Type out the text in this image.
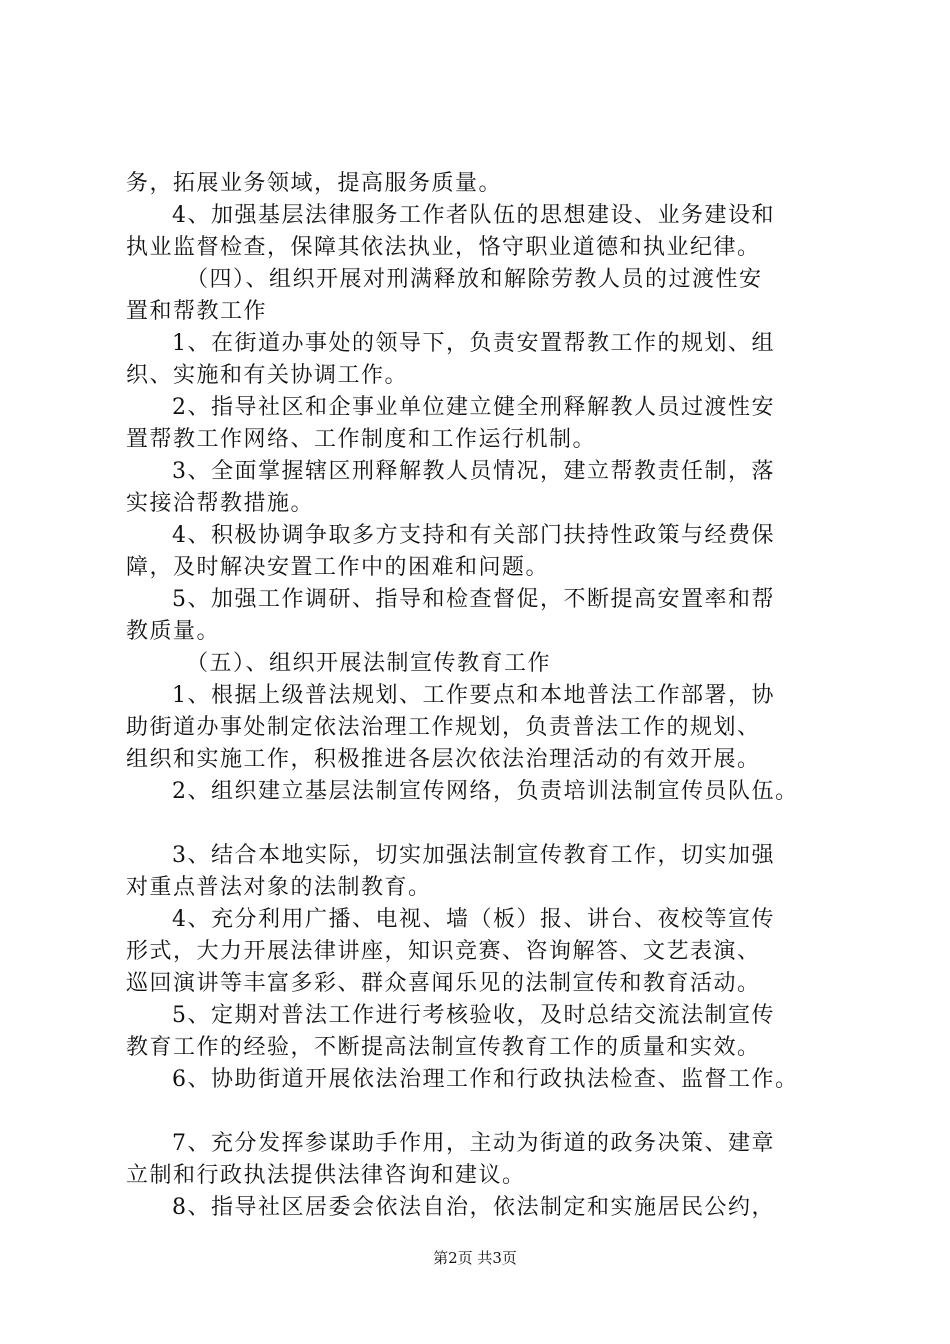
务，拓展业务领域，提高服务质量。
4、加强基层法律服务工作者队伍的思想建设、业务建设和
执业监督检查，保障其依法执业，恪守职业道德和执业纪律。
（四）、组织开展对刑满释放和解除劳教人员的过渡性安
置和帮教工作
1、在街道办事处的领导下，负责安置帮教工作的规划、组
织、实施和有关协调工作。
2、指导社区和企事业单位建立健全刑释解教人员过渡性安
置帮教工作网络、工作制度和工作运行机制。
3、全面掌握辖区刑释解教人员情况，建立帮教责任制，落
实接洽帮教措施。
4、积极协调争取多方支持和有关部门扶持性政策与经费保
障，及时解决安置工作中的困难和问题。
5、加强工作调研、指导和检查督促，不断提高安置率和帮
教质量。
（五）、组织开展法制宣传教育工作
1、根据上级普法规划、工作要点和本地普法工作部署，协
助街道办事处制定依法治理工作规划，负责普法工作的规划、
组织和实施工作，积极推进各层次依法治理活动的有效开展。
2、组织建立基层法制宣传网络，负责培训法制宣传员队伍。
3、结合本地实际，切实加强法制宣传教育工作，切实加强
对重点普法对象的法制教育。
4、充分利用广播、电视、墙（板）报、讲台、夜校等宣传
形式，大力开展法律讲座，知识竞赛、咨询解答、文艺表演、
巡回演讲等丰富多彩、群众喜闻乐见的法制宣传和教育活动。
5、定期对普法工作进行考核验收，及时总结交流法制宣传
教育工作的经验，不断提高法制宣传教育工作的质量和实效。
6、协助街道开展依法治理工作和行政执法检查、监督工作。
7、充分发挥参谋助手作用，主动为街道的政务决策、建章
立制和行政执法提供法律咨询和建议。
8、指导社区居委会依法自治，依法制定和实施居民公约，
第2页 共3页
